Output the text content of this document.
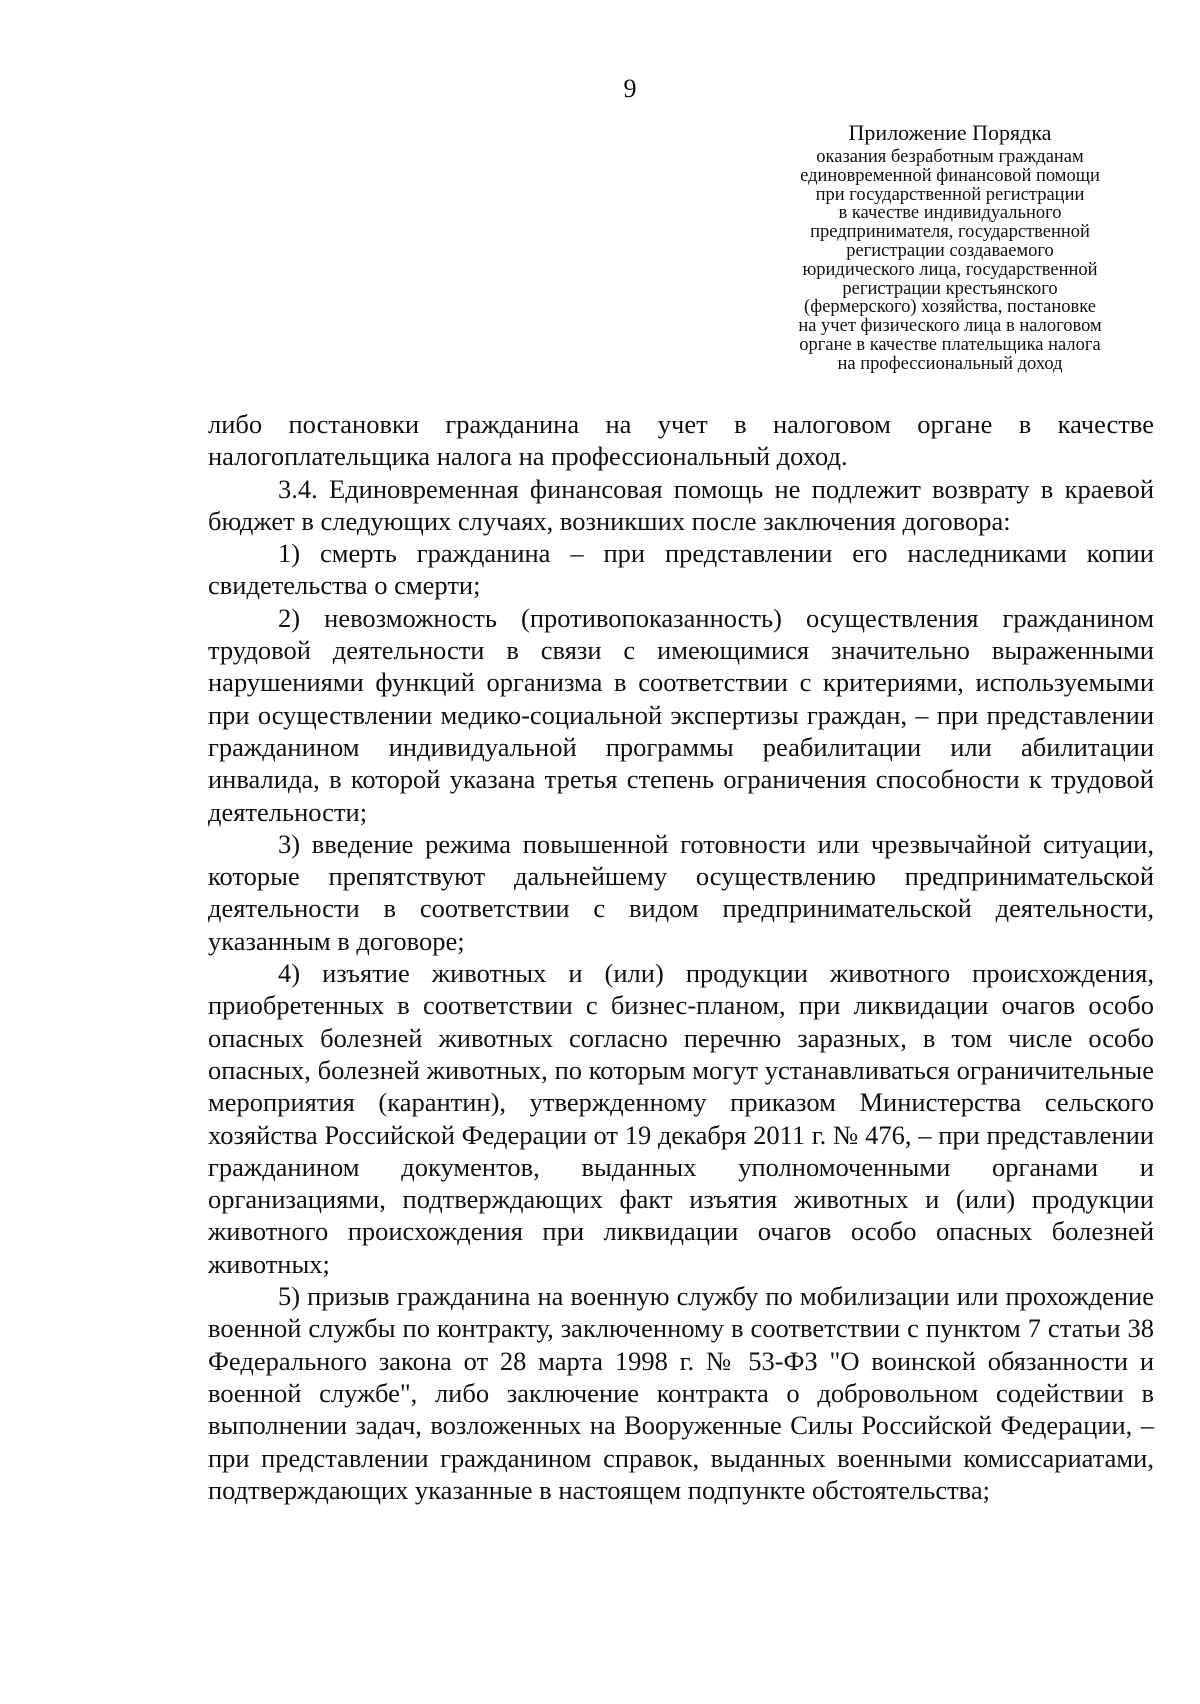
9

Приложение Порядка

оказания безработным гражданам

единовременной финансовой помощи

при государственной регистрации

в качестве индивидуального

предпринимателя, государственной

регистрации создаваемого

юридического лица, государственной

регистрации крестьянского

(фермерского) хозяйства, постановке

на учет физического лица в налоговом

органе в качестве плательщика налога

на профессиональный доход

либо постановки гражданина на учет в налоговом органе в качестве налогоплательщика налога на профессиональный доход.

3.4. Единовременная финансовая помощь не подлежит возврату в краевой бюджет в следующих случаях, возникших после заключения договора:

1) смерть гражданина – при представлении его наследниками копии свидетельства о смерти;

2) невозможность (противопоказанность) осуществления гражданином трудовой деятельности в связи с имеющимися значительно выраженными нарушениями функций организма в соответствии с критериями, используемыми при осуществлении медико-социальной экспертизы граждан, – при представлении гражданином индивидуальной программы реабилитации или абилитации инвалида, в которой указана третья степень ограничения способности к трудовой деятельности;

3) введение режима повышенной готовности или чрезвычайной ситуации, которые препятствуют дальнейшему осуществлению предпринимательской деятельности в соответствии с видом предпринимательской деятельности, указанным в договоре;

4) изъятие животных и (или) продукции животного происхождения, приобретенных в соответствии с бизнес-планом, при ликвидации очагов особо опасных болезней животных согласно перечню заразных, в том числе особо опасных, болезней животных, по которым могут устанавливаться ограничительные мероприятия (карантин), утвержденному приказом Министерства сельского хозяйства Российской Федерации от 19 декабря 2011 г. № 476, – при представлении гражданином документов, выданных уполномоченными органами и организациями, подтверждающих факт изъятия животных и (или) продукции животного происхождения при ликвидации очагов особо опасных болезней животных;

5) призыв гражданина на военную службу по мобилизации или прохождение военной службы по контракту, заключенному в соответствии с пунктом 7 статьи 38 Федерального закона от 28 марта 1998 г. № 53-ФЗ "О воинской обязанности и военной службе", либо заключение контракта о добровольном содействии в выполнении задач, возложенных на Вооруженные Силы Российской Федерации, – при представлении гражданином справок, выданных военными комиссариатами, подтверждающих указанные в настоящем подпункте обстоятельства;
